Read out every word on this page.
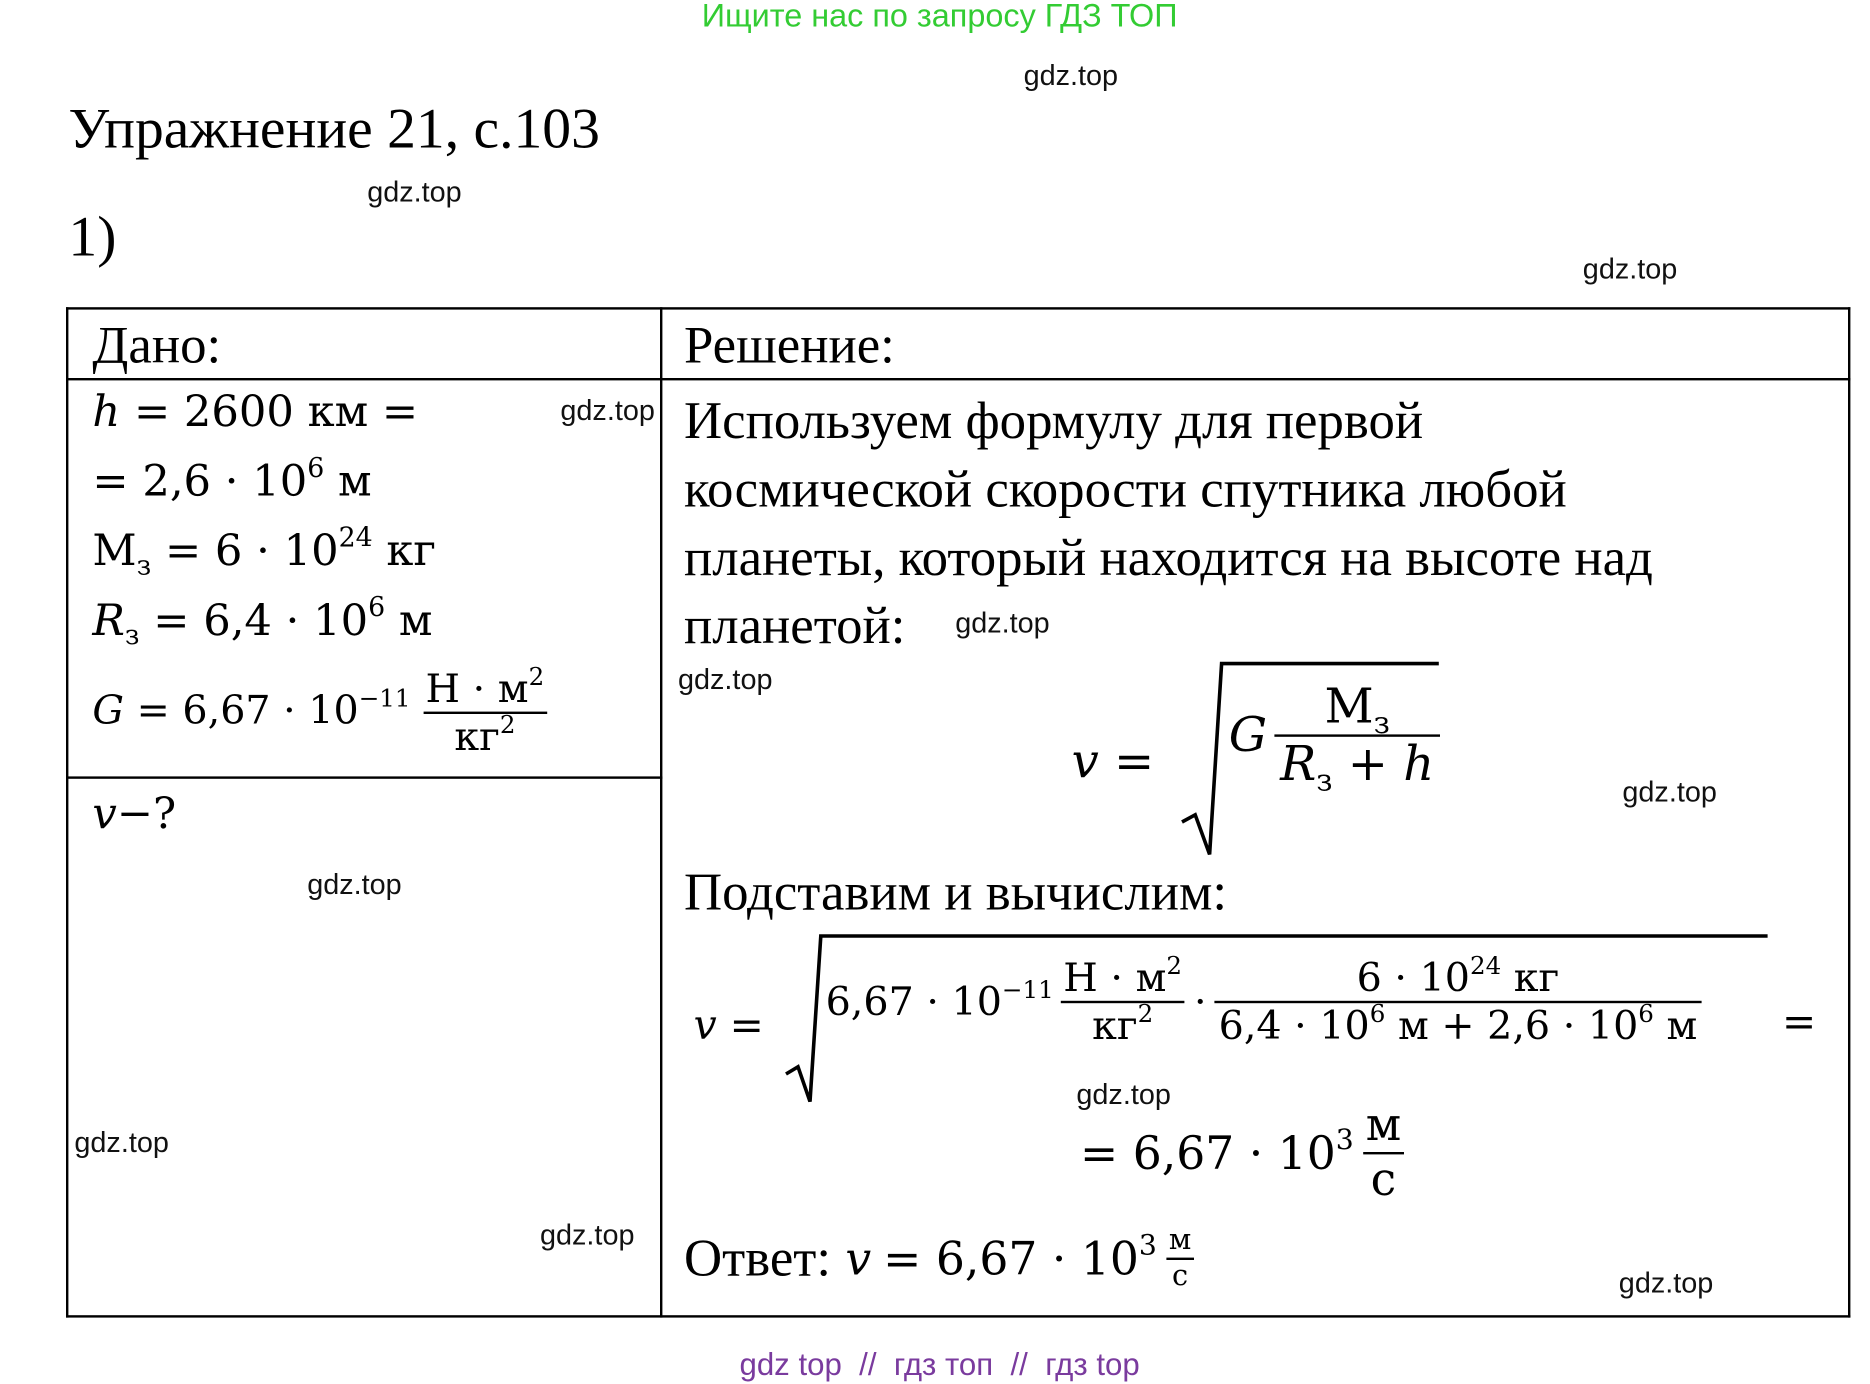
Ищите нас по запросу ГДЗ ТОП
Упражнение 21, с.103
1)
Дано:	Решение:
h = 2600 км =
= $2,6 \cdot 10^6$ м
$M_з = 6 \cdot 10^{24}$ кг
$R_з = 6,4 \cdot 10^6$ м
$G = 6,67 \cdot 10^{-11} \frac{Н \cdot м^2}{кг^2}$
v−?
Используем формулу для первой
космической скорости спутника любой
планеты, который находится на высоте над
планетой:
v = G $\frac{M_з}{R_з + h}$
Подставим и вычислим:
v =
$6,67 \cdot 10^{-11} \frac{Н \cdot м^2}{кг^2} \cdot \frac{6 \cdot 10^{24} кг}{6,4 \cdot 10^6 м + 2,6 \cdot 10^6 м}$ =
= $6,67 \cdot 10^3 \frac{м}{с}$
Ответ: $v = 6,67 \cdot 10^3 \frac{м}{с}$
gdz.top
gdz.top
gdz.top
gdz.top
gdz.top
gdz.top
gdz.top
gdz.top
gdz.top
gdz.top
gdz.top
gdz.top
gdz top  //  гдз топ  //  гдз top
